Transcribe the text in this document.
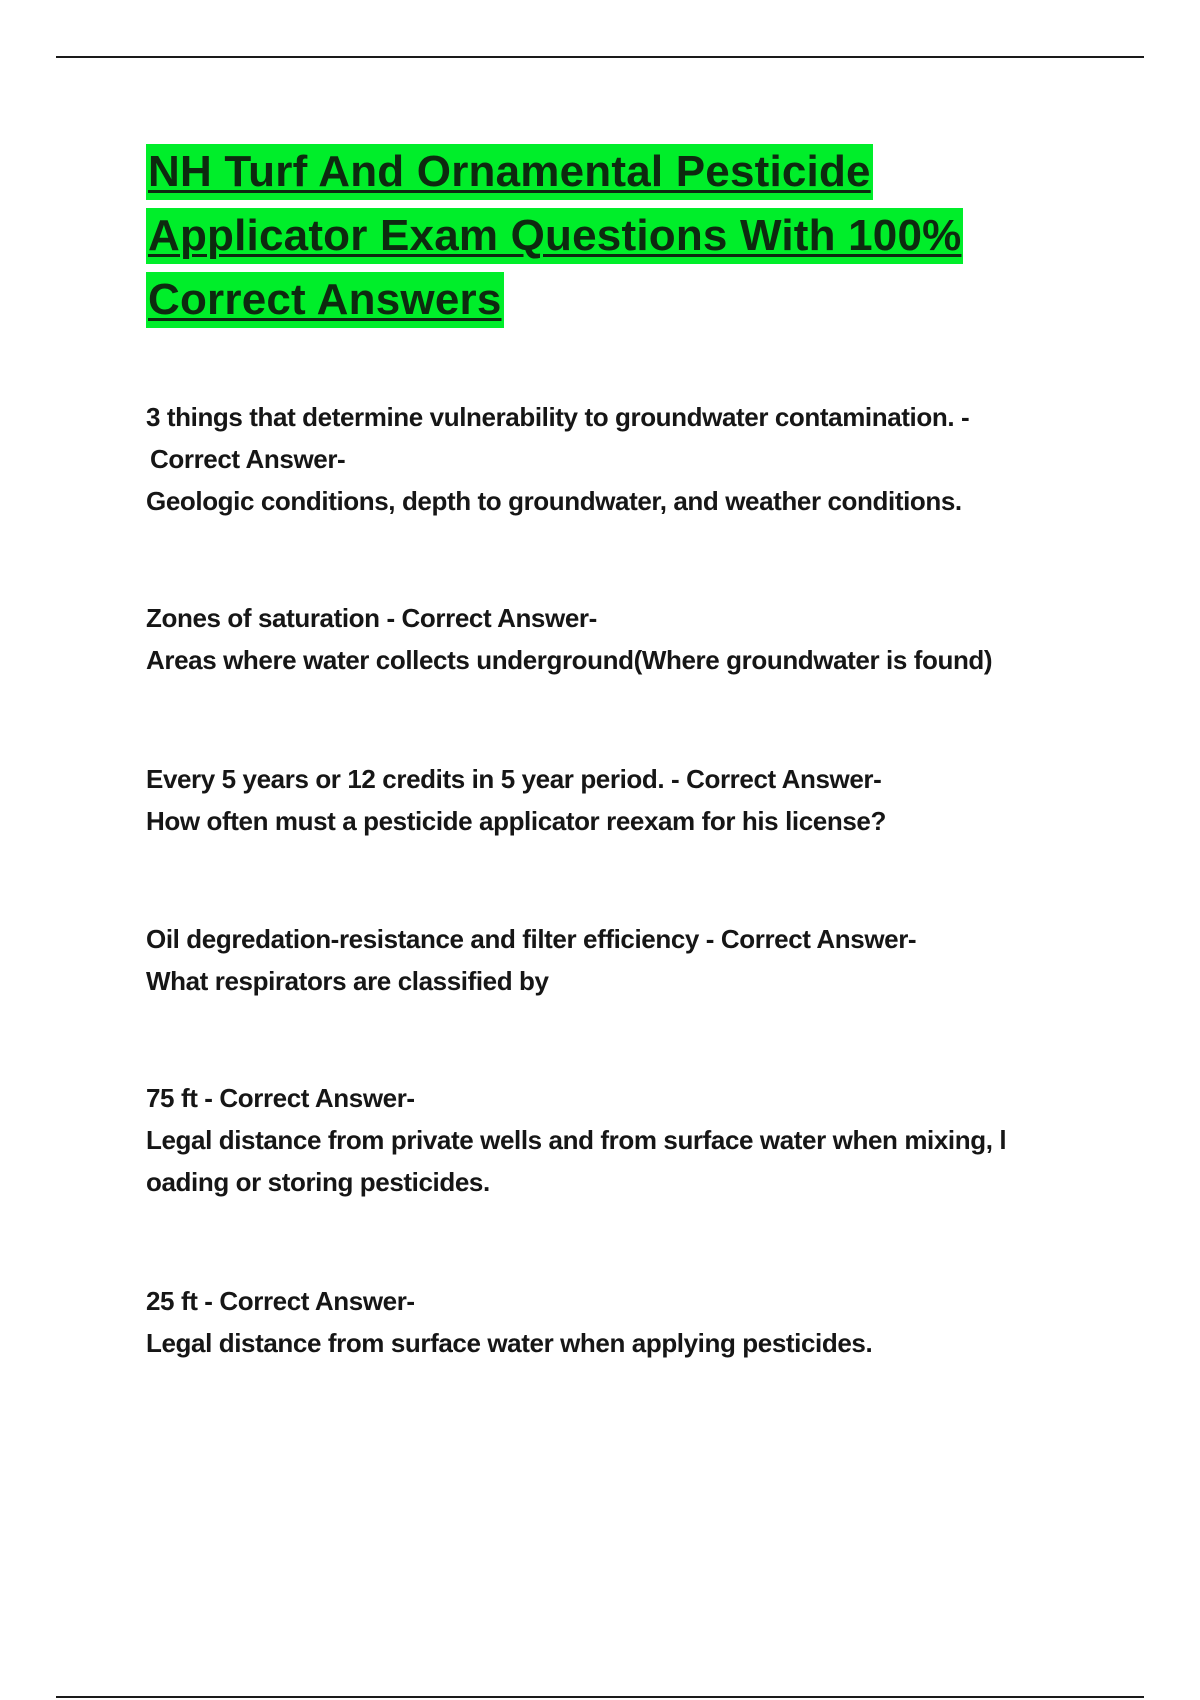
NH Turf And Ornamental Pesticide
Applicator Exam Questions With 100%
Correct Answers
3 things that determine vulnerability to groundwater contamination. -
Correct Answer-
Geologic conditions, depth to groundwater, and weather conditions.
Zones of saturation - Correct Answer-
Areas where water collects underground(Where groundwater is found)
Every 5 years or 12 credits in 5 year period. - Correct Answer-
How often must a pesticide applicator reexam for his license?
Oil degredation-resistance and filter efficiency - Correct Answer-
What respirators are classified by
75 ft - Correct Answer-
Legal distance from private wells and from surface water when mixing, l
oading or storing pesticides.
25 ft - Correct Answer-
Legal distance from surface water when applying pesticides.
